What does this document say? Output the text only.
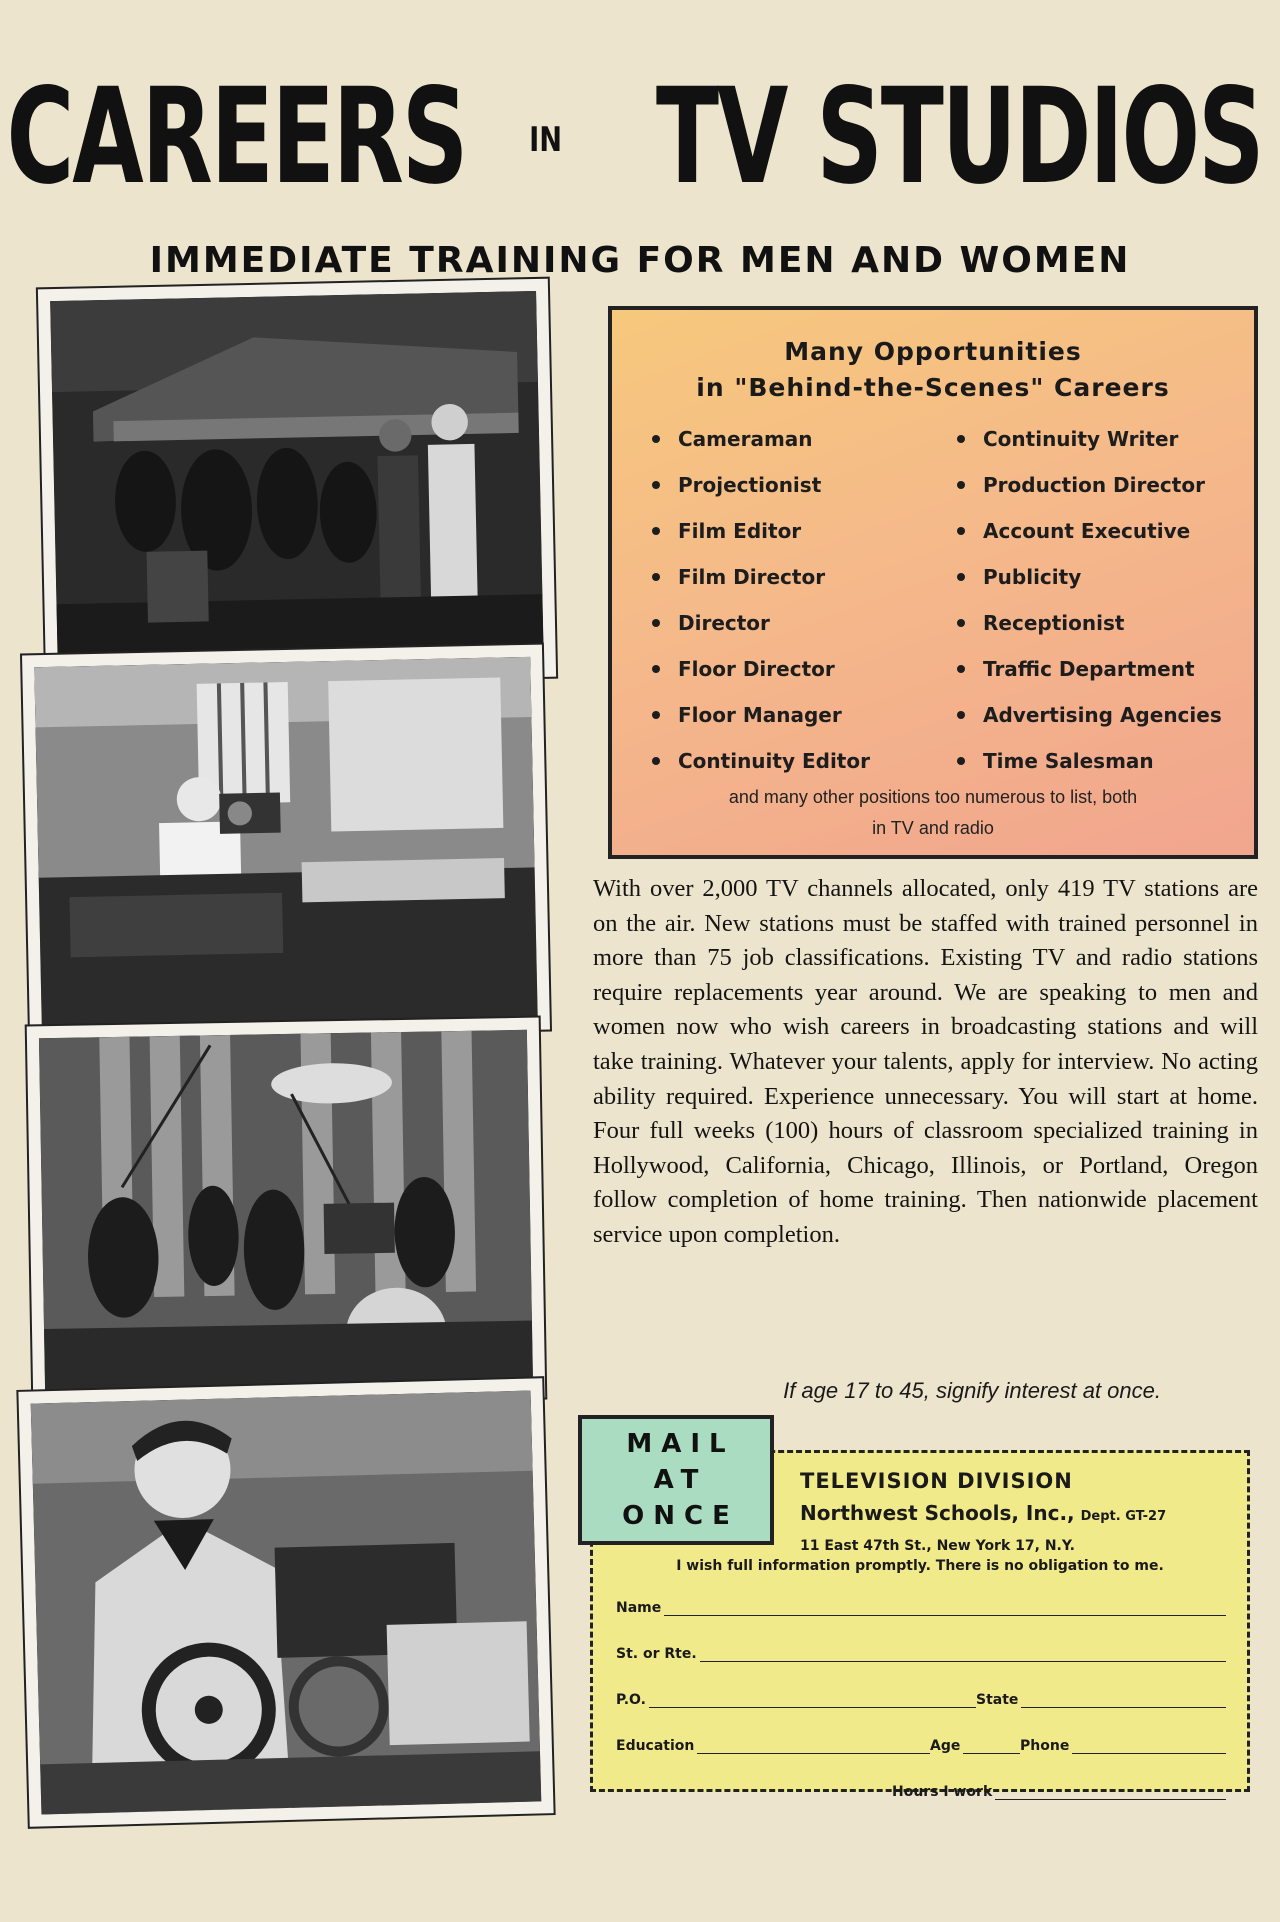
CAREERS IN TV STUDIOS
IMMEDIATE TRAINING FOR MEN AND WOMEN
Many Opportunities
in "Behind-the-Scenes" Careers
Cameraman	Continuity Writer
Projectionist	Production Director
Film Editor	Account Executive
Film Director	Publicity
Director	Receptionist
Floor Director	Traffic Department
Floor Manager	Advertising Agencies
Continuity Editor	Time Salesman
and many other positions too numerous to list, both
in TV and radio
With over 2,000 TV channels allocated, only 419 TV stations are on the air. New stations must be staffed with trained personnel in more than 75 job classifications. Existing TV and radio stations require replacements year around. We are speaking to men and women now who wish careers in broadcasting stations and will take training. Whatever your talents, apply for interview. No acting ability required. Experience unnecessary. You will start at home. Four full weeks (100) hours of classroom specialized training in Hollywood, California, Chicago, Illinois, or Portland, Oregon follow completion of home training. Then nationwide placement service upon completion.
If age 17 to 45, signify interest at once.
MAIL
AT
ONCE
TELEVISION DIVISION
Northwest Schools, Inc., Dept. GT-27
11 East 47th St., New York 17, N.Y.
I wish full information promptly. There is no obligation to me.
Name
St. or Rte.
P.O.	State
Education	Age	Phone
Hours I work
